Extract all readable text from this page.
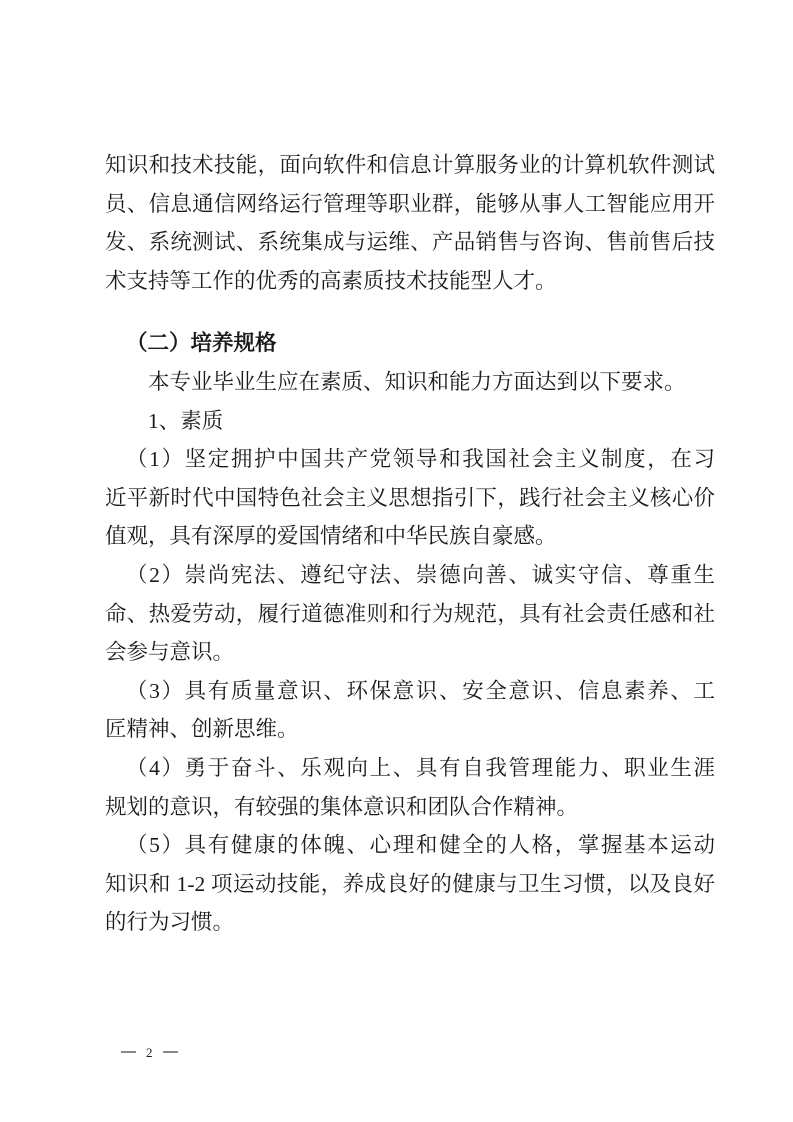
知识和技术技能，面向软件和信息计算服务业的计算机软件测试
员、信息通信网络运行管理等职业群，能够从事人工智能应用开
发、系统测试、系统集成与运维、产品销售与咨询、售前售后技
术支持等工作的优秀的高素质技术技能型人才。
（二）培养规格
本专业毕业生应在素质、知识和能力方面达到以下要求。
1、素质
（1）坚定拥护中国共产党领导和我国社会主义制度，在习
近平新时代中国特色社会主义思想指引下，践行社会主义核心价
值观，具有深厚的爱国情绪和中华民族自豪感。
（2）崇尚宪法、遵纪守法、崇德向善、诚实守信、尊重生
命、热爱劳动，履行道德准则和行为规范，具有社会责任感和社
会参与意识。
（3）具有质量意识、环保意识、安全意识、信息素养、工
匠精神、创新思维。
（4）勇于奋斗、乐观向上、具有自我管理能力、职业生涯
规划的意识，有较强的集体意识和团队合作精神。
（5）具有健康的体魄、心理和健全的人格，掌握基本运动
知识和 1-2 项运动技能，养成良好的健康与卫生习惯，以及良好
的行为习惯。
2
